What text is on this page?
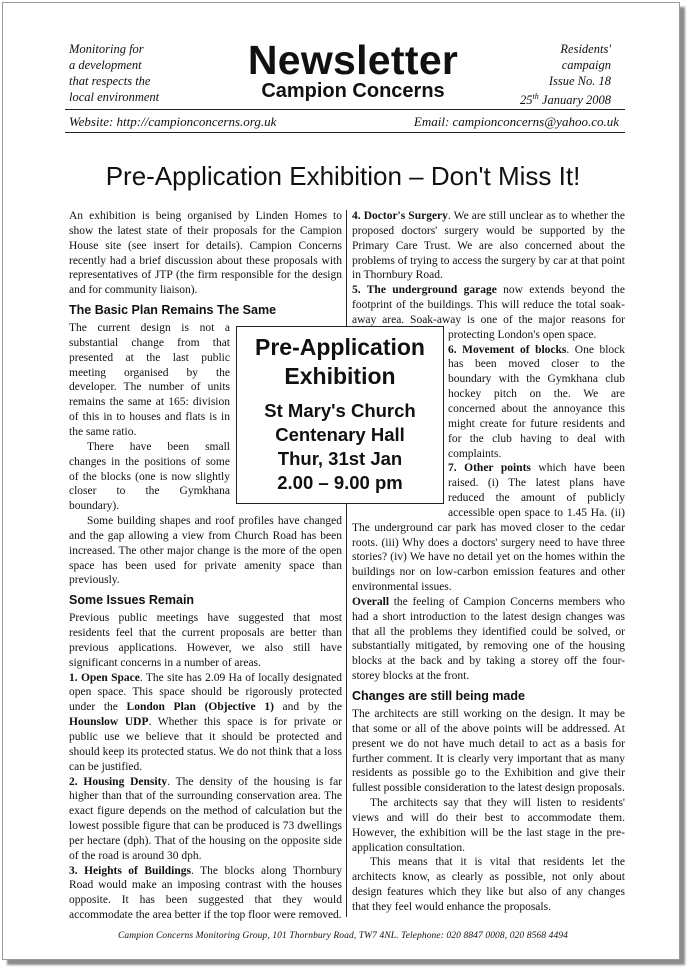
Monitoring for
a development
that respects the
local environment
Newsletter
Campion Concerns
Residents'
campaign
Issue No. 18
25th January 2008
Website: http://campionconcerns.org.uk	Email: campionconcerns@yahoo.co.uk
Pre-Application Exhibition – Don't Miss It!

An exhibition is being organised by Linden Homes to show the latest state of their proposals for the Campion House site (see insert for details). Campion Concerns recently had a brief discussion about these proposals with representatives of JTP (the firm responsible for the design and for community liaison).

The Basic Plan Remains The Same

The current design is not a substantial change from that presented at the last public meeting organised by the developer. The number of units remains the same at 165: division of this in to houses and flats is in the same ratio.

There have been small changes in the positions of some of the blocks (one is now slightly closer to the Gymkhana boundary).

Some building shapes and roof profiles have changed and the gap allowing a view from Church Road has been increased. The other major change is the more of the open space has been used for private amenity space than previously.

Some Issues Remain

Previous public meetings have suggested that most residents feel that the current proposals are better than previous applications. However, we also still have significant concerns in a number of areas.

1. Open Space. The site has 2.09 Ha of locally designated open space. This space should be rigorously protected under the London Plan (Objective 1) and by the Hounslow UDP. Whether this space is for private or public use we believe that it should be protected and should keep its protected status. We do not think that a loss can be justified.

2. Housing Density. The density of the housing is far higher than that of the surrounding conservation area. The exact figure depends on the method of calculation but the lowest possible figure that can be produced is 73 dwellings per hectare (dph). That of the housing on the opposite side of the road is around 30 dph.

3. Heights of Buildings. The blocks along Thornbury Road would make an imposing contrast with the houses opposite. It has been suggested that they would accommodate the area better if the top floor were removed.

4. Doctor's Surgery. We are still unclear as to whether the proposed doctors' surgery would be supported by the Primary Care Trust. We are also concerned about the problems of trying to access the surgery by car at that point in Thornbury Road.

5. The underground garage now extends beyond the footprint of the buildings. This will reduce the total soak-away area. Soak-away is one of the major reasons for protecting London's open space.

6. Movement of blocks. One block has been moved closer to the boundary with the Gymkhana club hockey pitch on the. We are concerned about the annoyance this might create for future residents and for the club having to deal with complaints.

7. Other points which have been raised. (i) The latest plans have reduced the amount of publicly accessible open space to 1.45 Ha. (ii) The underground car park has moved closer to the cedar roots. (iii) Why does a doctors' surgery need to have three stories? (iv) We have no detail yet on the homes within the buildings nor on low-carbon emission features and other environmental issues.

Overall the feeling of Campion Concerns members who had a short introduction to the latest design changes was that all the problems they identified could be solved, or substantially mitigated, by removing one of the housing blocks at the back and by taking a storey off the four-storey blocks at the front.

Changes are still being made

The architects are still working on the design. It may be that some or all of the above points will be addressed. At present we do not have much detail to act as a basis for further comment. It is clearly very important that as many residents as possible go to the Exhibition and give their fullest possible consideration to the latest design proposals.

The architects say that they will listen to residents' views and will do their best to accommodate them. However, the exhibition will be the last stage in the pre-application consultation.

This means that it is vital that residents let the architects know, as clearly as possible, not only about design features which they like but also of any changes that they feel would enhance the proposals.

Pre-Application
Exhibition
St Mary's Church
Centenary Hall
Thur, 31st Jan
2.00 – 9.00 pm
Campion Concerns Monitoring Group, 101 Thornbury Road, TW7 4NL. Telephone: 020 8847 0008, 020 8568 4494
